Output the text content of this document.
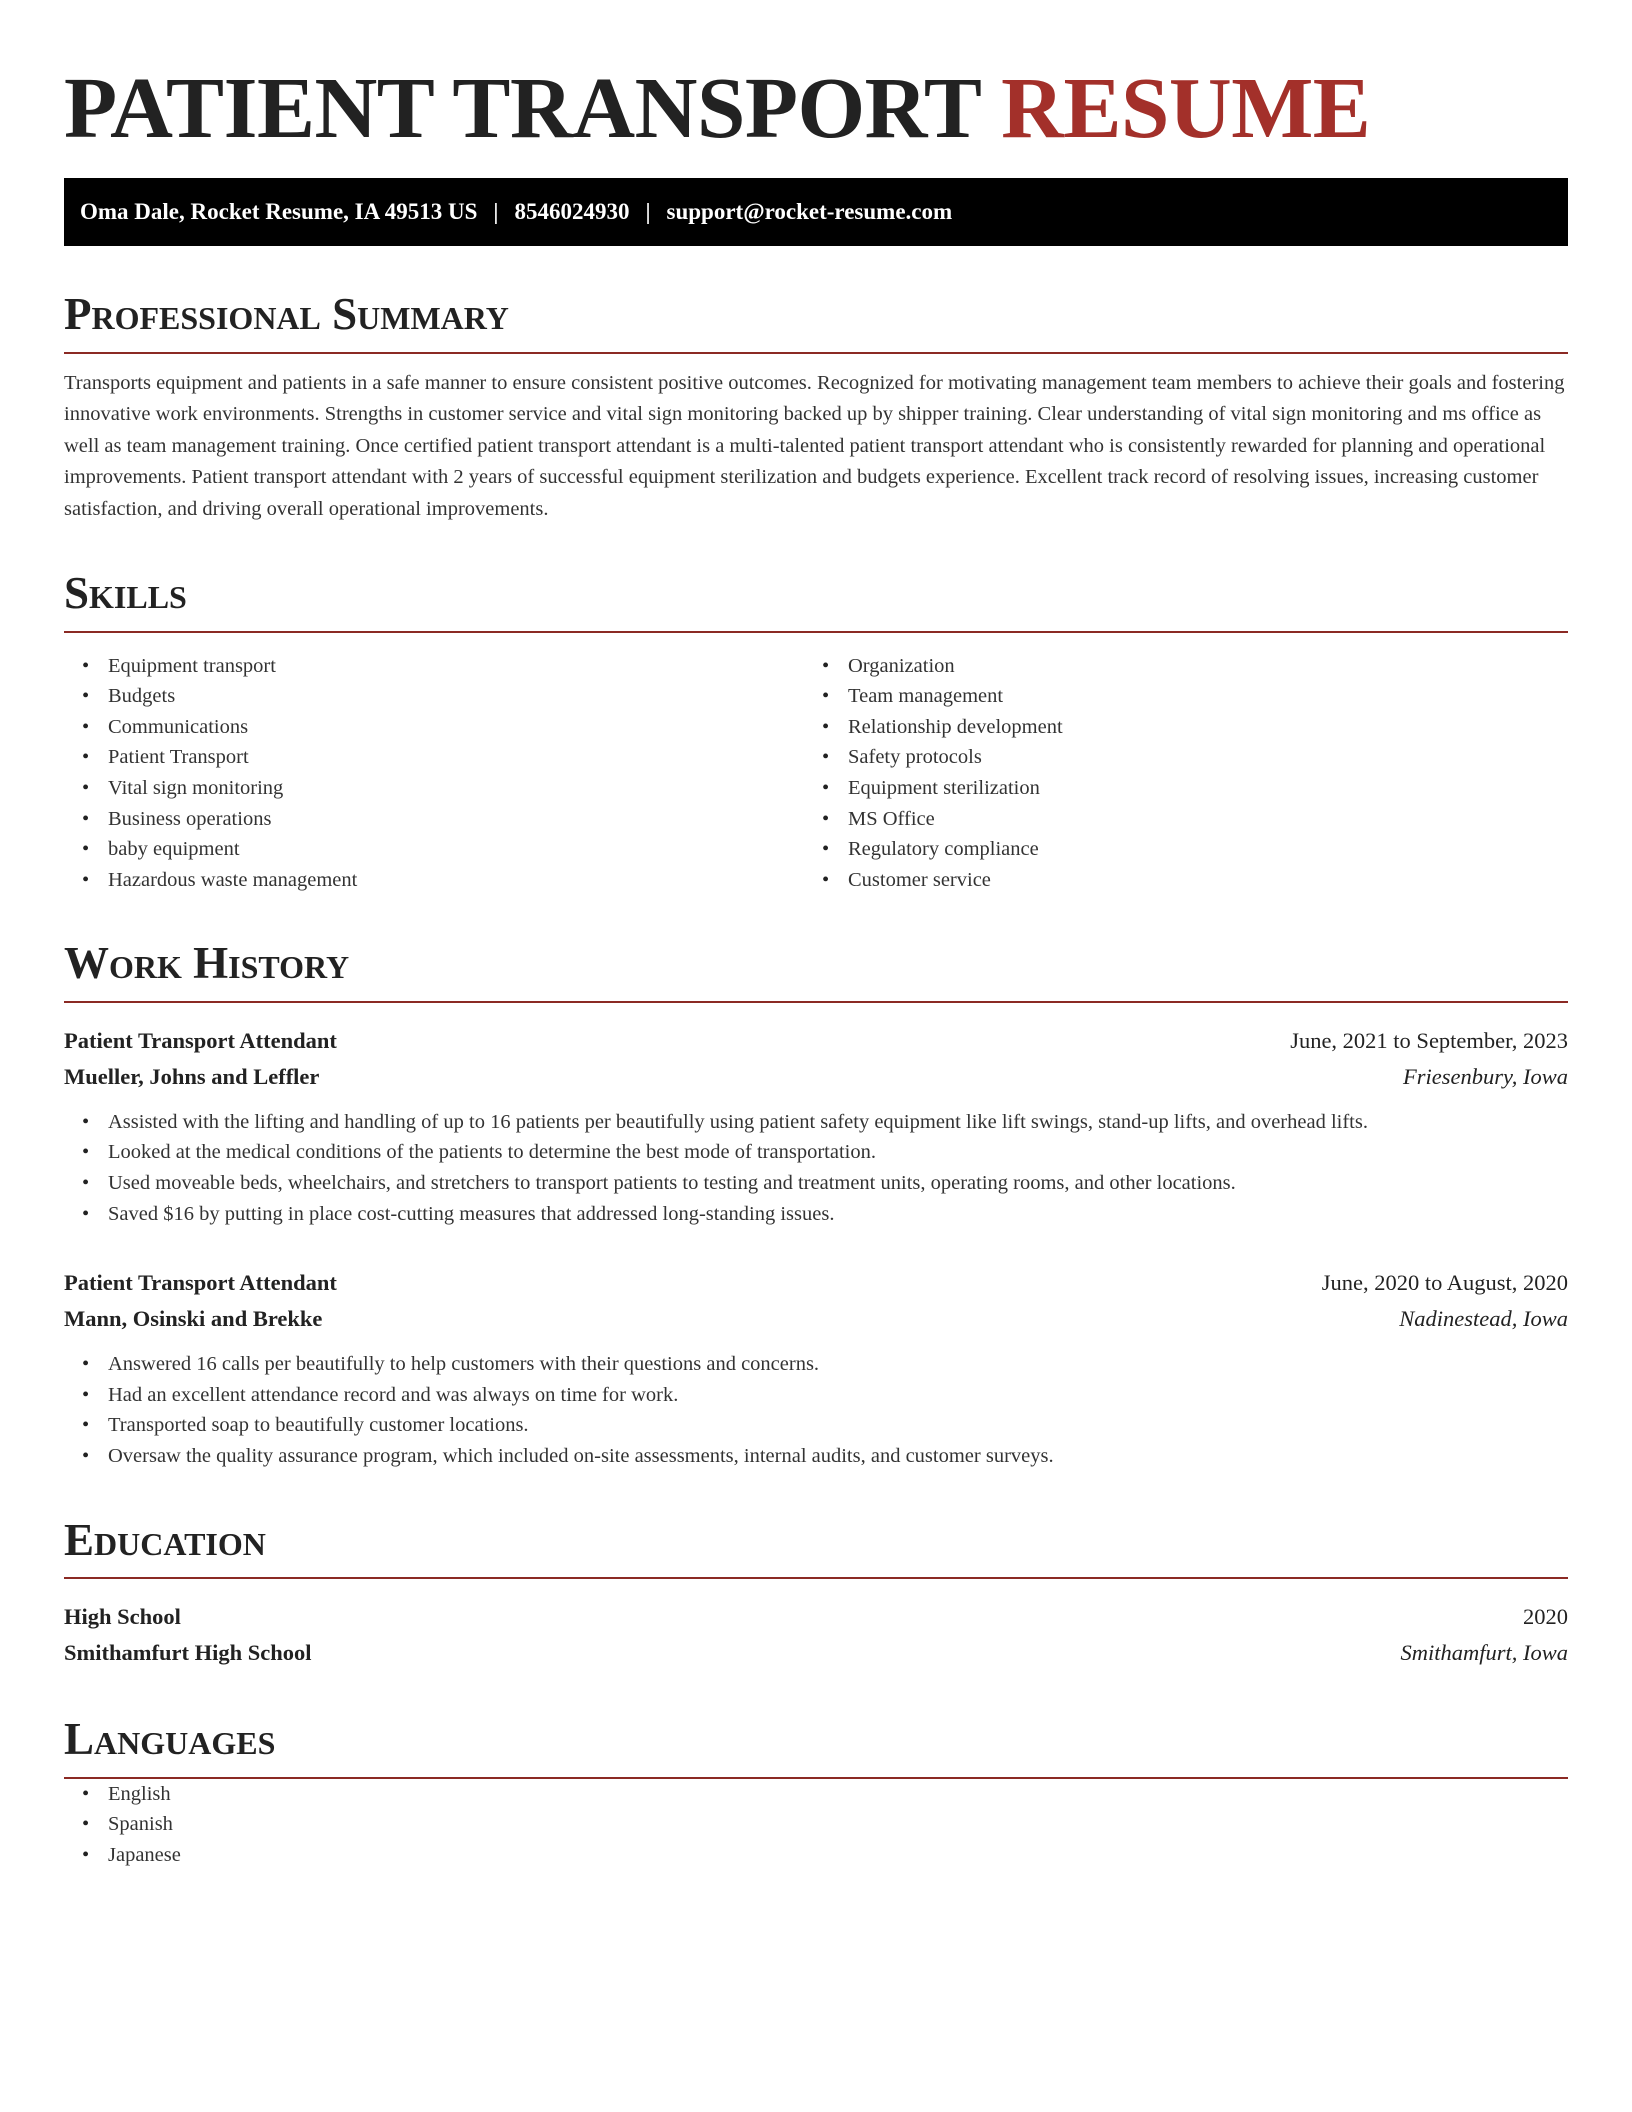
PATIENT TRANSPORT RESUME
Oma Dale, Rocket Resume, IA 49513 US | 8546024930 | support@rocket-resume.com
Professional Summary

Transports equipment and patients in a safe manner to ensure consistent positive outcomes. Recognized for motivating management team members to achieve their goals and fostering innovative work environments. Strengths in customer service and vital sign monitoring backed up by shipper training. Clear understanding of vital sign monitoring and ms office as well as team management training. Once certified patient transport attendant is a multi-talented patient transport attendant who is consistently rewarded for planning and operational improvements. Patient transport attendant with 2 years of successful equipment sterilization and budgets experience. Excellent track record of resolving issues, increasing customer satisfaction, and driving overall operational improvements.

Skills
• Equipment transport
• Budgets
• Communications
• Patient Transport
• Vital sign monitoring
• Business operations
• baby equipment
• Hazardous waste management
• Organization
• Team management
• Relationship development
• Safety protocols
• Equipment sterilization
• MS Office
• Regulatory compliance
• Customer service
Work History
Patient Transport Attendant	June, 2021 to September, 2023
Mueller, Johns and Leffler	Friesenbury, Iowa
• Assisted with the lifting and handling of up to 16 patients per beautifully using patient safety equipment like lift swings, stand-up lifts, and overhead lifts.
• Looked at the medical conditions of the patients to determine the best mode of transportation.
• Used moveable beds, wheelchairs, and stretchers to transport patients to testing and treatment units, operating rooms, and other locations.
• Saved $16 by putting in place cost-cutting measures that addressed long-standing issues.
Patient Transport Attendant	June, 2020 to August, 2020
Mann, Osinski and Brekke	Nadinestead, Iowa
• Answered 16 calls per beautifully to help customers with their questions and concerns.
• Had an excellent attendance record and was always on time for work.
• Transported soap to beautifully customer locations.
• Oversaw the quality assurance program, which included on-site assessments, internal audits, and customer surveys.
Education
High School	2020
Smithamfurt High School	Smithamfurt, Iowa
Languages
• English
• Spanish
• Japanese
